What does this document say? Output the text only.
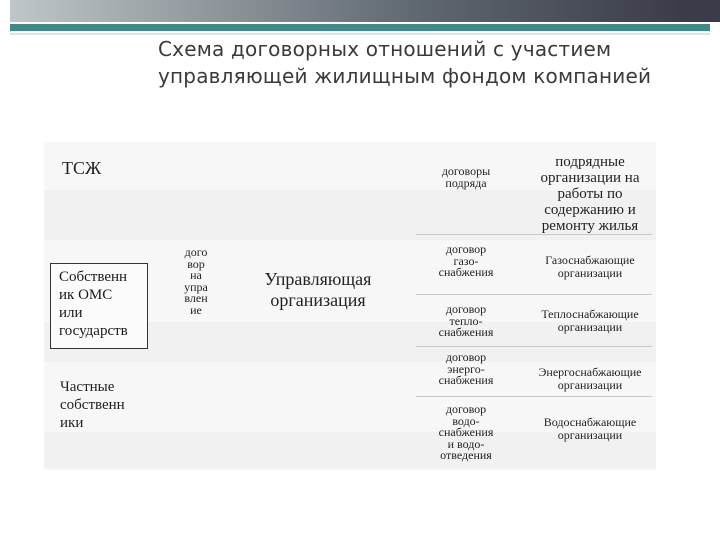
Схема договорных отношений с участием управляющей жилищным фондом компанией
ТСЖ
Собственн
ик ОМС
или
государств
Частные
собственн
ики
дого
вор
на
упра
влен
ие
Управляющая
организация
договоры
подряда
подрядные
организации на
работы по
содержанию и
ремонту жилья
договор
газо-
снабжения
Газоснабжающие
организации
договор
тепло-
снабжения
Теплоснабжающие
организации
договор
энерго-
снабжения
Энергоснабжающие
организации
договор
водо-
снабжения
и водо-
отведения
Водоснабжающие
организации
